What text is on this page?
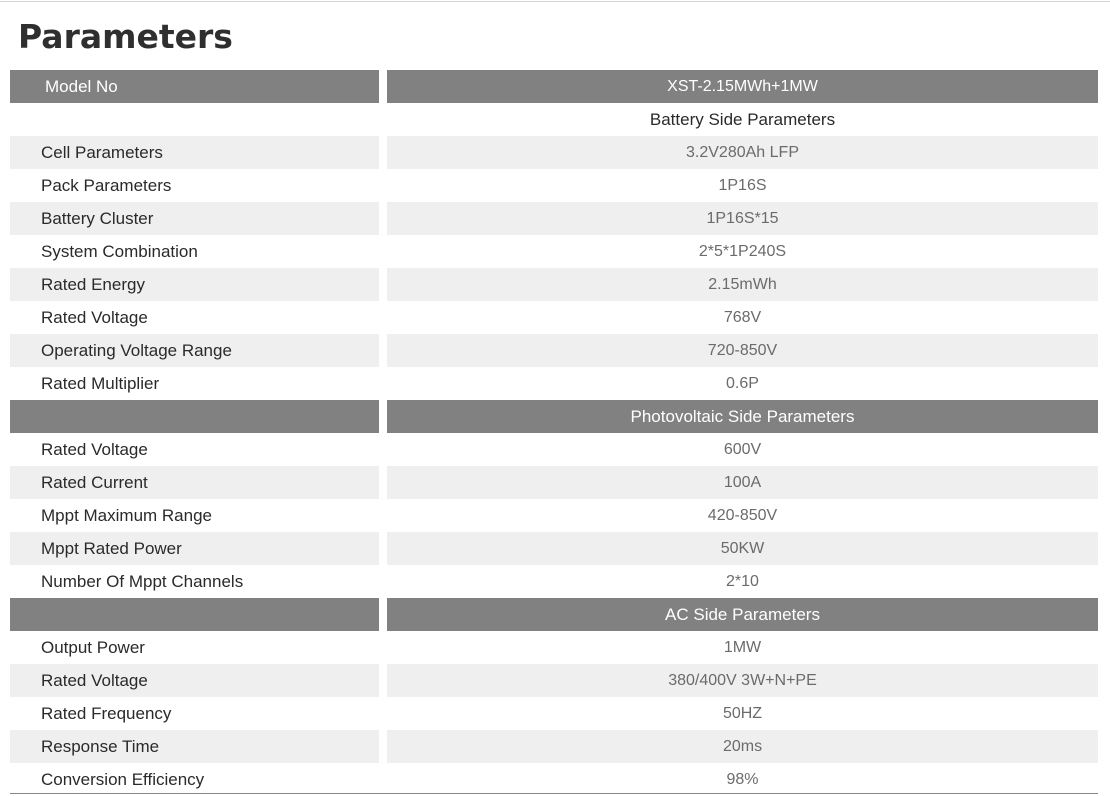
Parameters
Model No	XST-2.15MWh+1MW
Battery Side Parameters
Cell Parameters	3.2V280Ah LFP
Pack Parameters	1P16S
Battery Cluster	1P16S*15
System Combination	2*5*1P240S
Rated Energy	2.15mWh
Rated Voltage	768V
Operating Voltage Range	720-850V
Rated Multiplier	0.6P
Photovoltaic Side Parameters
Rated Voltage	600V
Rated Current	100A
Mppt Maximum Range	420-850V
Mppt Rated Power	50KW
Number Of Mppt Channels	2*10
AC Side Parameters
Output Power	1MW
Rated Voltage	380/400V 3W+N+PE
Rated Frequency	50HZ
Response Time	20ms
Conversion Efficiency	98%
